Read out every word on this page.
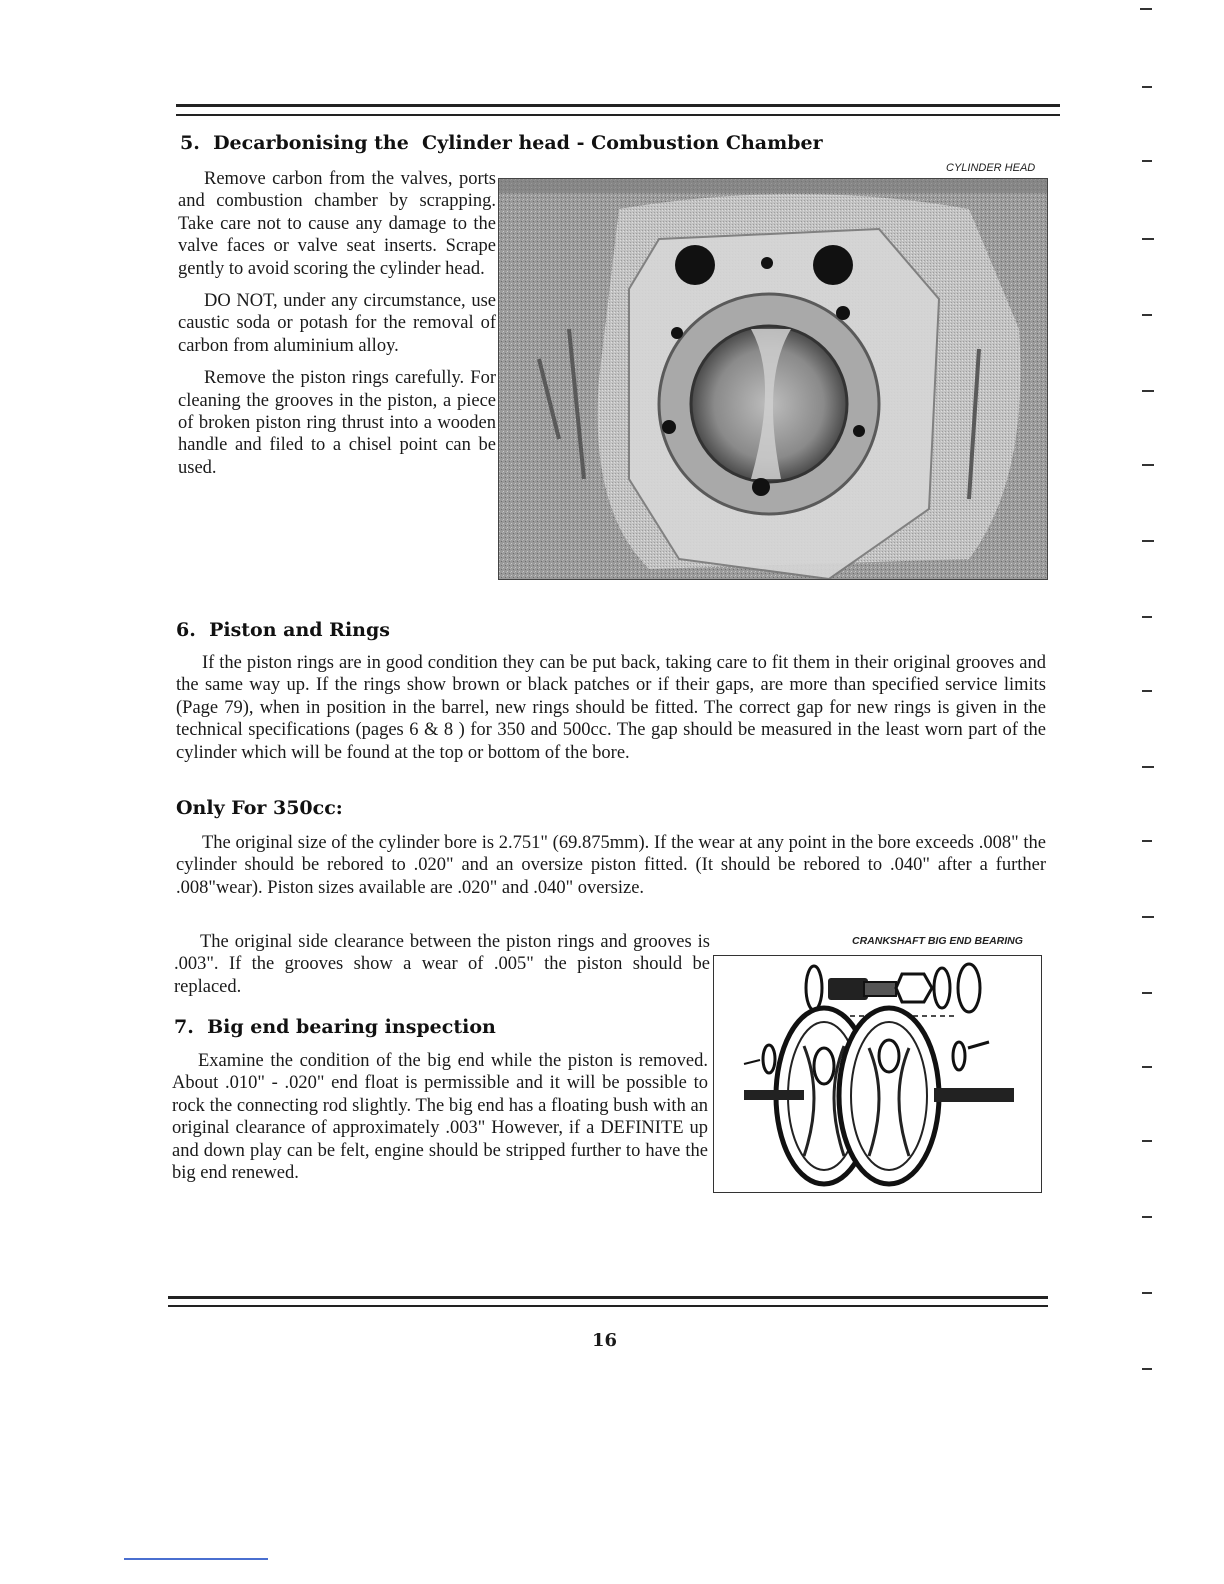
5.  Decarbonising the  Cylinder head - Combustion Chamber

Remove carbon from the valves, ports and combustion chamber by scrapping. Take care not to cause any damage to the valve faces or valve seat inserts. Scrape gently to avoid scoring the cylinder head.

DO NOT, under any circumstance, use caustic soda or potash for the removal of carbon from aluminium alloy.

Remove the piston rings carefully. For cleaning the grooves in the piston, a piece of broken piston ring thrust into a wooden handle and filed to a chisel point can be used.

CYLINDER HEAD
6.  Piston and Rings

If the piston rings are in good condition they can be put back, taking care to fit them in their original grooves and the same way up. If the rings show brown or black patches or if their gaps, are more than specified service limits (Page 79), when in position in the barrel, new rings should be fitted. The correct gap for new rings is given in the technical specifications (pages 6 & 8 ) for 350 and 500cc. The gap should be measured in the least worn part of the cylinder which will be found at the top or bottom of the bore.

Only For 350cc:

The original size of the cylinder bore is 2.751" (69.875mm). If the wear at any point in the bore exceeds .008" the cylinder should be rebored to .020" and an oversize piston fitted. (It should be rebored to .040" after a further .008"wear). Piston sizes available are .020" and .040" oversize.

The original side clearance between the piston rings and grooves is .003". If the grooves show a wear of .005" the piston should be replaced.

7.  Big end bearing inspection

Examine the condition of the big end while the piston is removed. About .010" - .020" end float is permissible and it will be possible to rock the connecting rod slightly. The big end has a floating bush with an original clearance of approximately .003" However, if a DEFINITE up and down play can be felt, engine should be stripped further to have the big end renewed.

CRANKSHAFT BIG END BEARING
16
